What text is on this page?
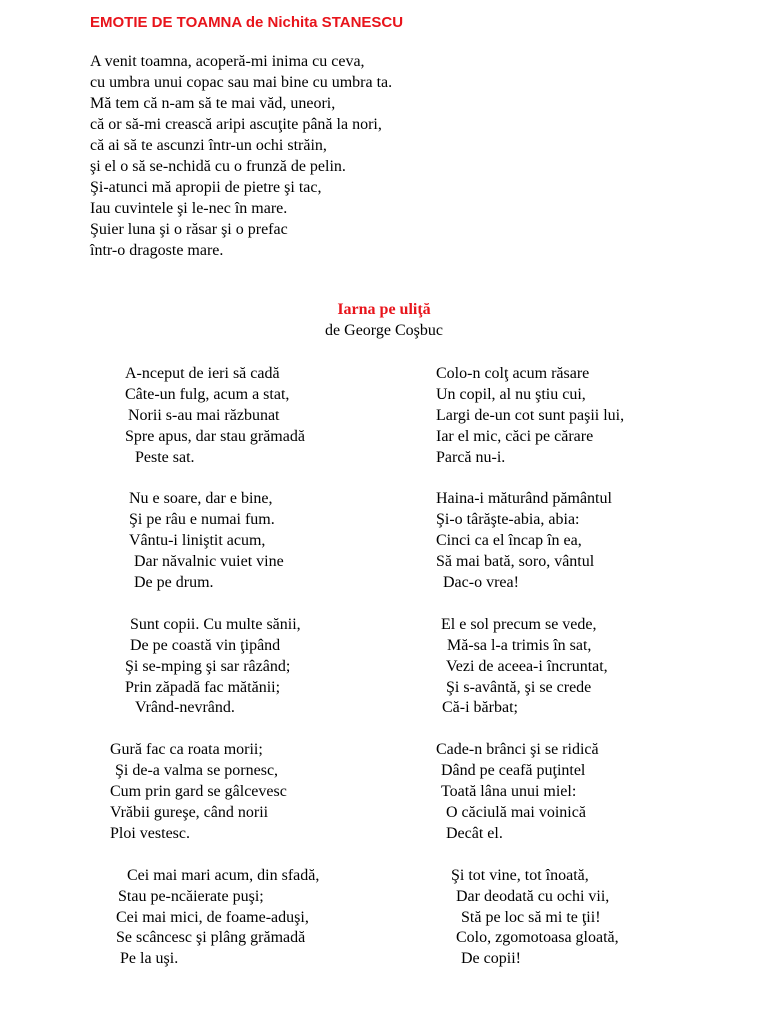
EMOTIE DE TOAMNA de Nichita STANESCU
A venit toamna, acoperă-mi inima cu ceva,
cu umbra unui copac sau mai bine cu umbra ta.
Mă tem că n-am să te mai văd, uneori,
că or să-mi crească aripi ascuţite până la nori,
că ai să te ascunzi într-un ochi străin,
şi el o să se-nchidă cu o frunză de pelin.
Şi-atunci mă apropii de pietre şi tac,
Iau cuvintele şi le-nec în mare.
Şuier luna şi o răsar şi o prefac
într-o dragoste mare.
Iarna pe uliţă
de George Coşbuc
A-nceput de ieri să cadă
Câte-un fulg, acum a stat,
Norii s-au mai răzbunat
Spre apus, dar stau grămadă
Peste sat.
Nu e soare, dar e bine,
Şi pe râu e numai fum.
Vântu-i liniştit acum,
Dar năvalnic vuiet vine
De pe drum.
Sunt copii. Cu multe sănii,
De pe coastă vin ţipând
Şi se-mping şi sar râzând;
Prin zăpadă fac mătănii;
Vrând-nevrând.
Gură fac ca roata morii;
Şi de-a valma se pornesc,
Cum prin gard se gâlcevesc
Vrăbii gureşe, când norii
Ploi vestesc.
Cei mai mari acum, din sfadă,
Stau pe-ncăierate puşi;
Cei mai mici, de foame-aduşi,
Se scâncesc şi plâng grămadă
Pe la uşi.
Colo-n colţ acum răsare
Un copil, al nu ştiu cui,
Largi de-un cot sunt paşii lui,
Iar el mic, căci pe cărare
Parcă nu-i.
Haina-i măturând pământul
Şi-o târăşte-abia, abia:
Cinci ca el încap în ea,
Să mai bată, soro, vântul
Dac-o vrea!
El e sol precum se vede,
Mă-sa l-a trimis în sat,
Vezi de aceea-i încruntat,
Şi s-avântă, şi se crede
Că-i bărbat;
Cade-n brânci şi se ridică
Dând pe ceafă puţintel
Toată lâna unui miel:
O căciulă mai voinică
Decât el.
Şi tot vine, tot înoată,
Dar deodată cu ochi vii,
Stă pe loc să mi te ţii!
Colo, zgomotoasa gloată,
De copii!
